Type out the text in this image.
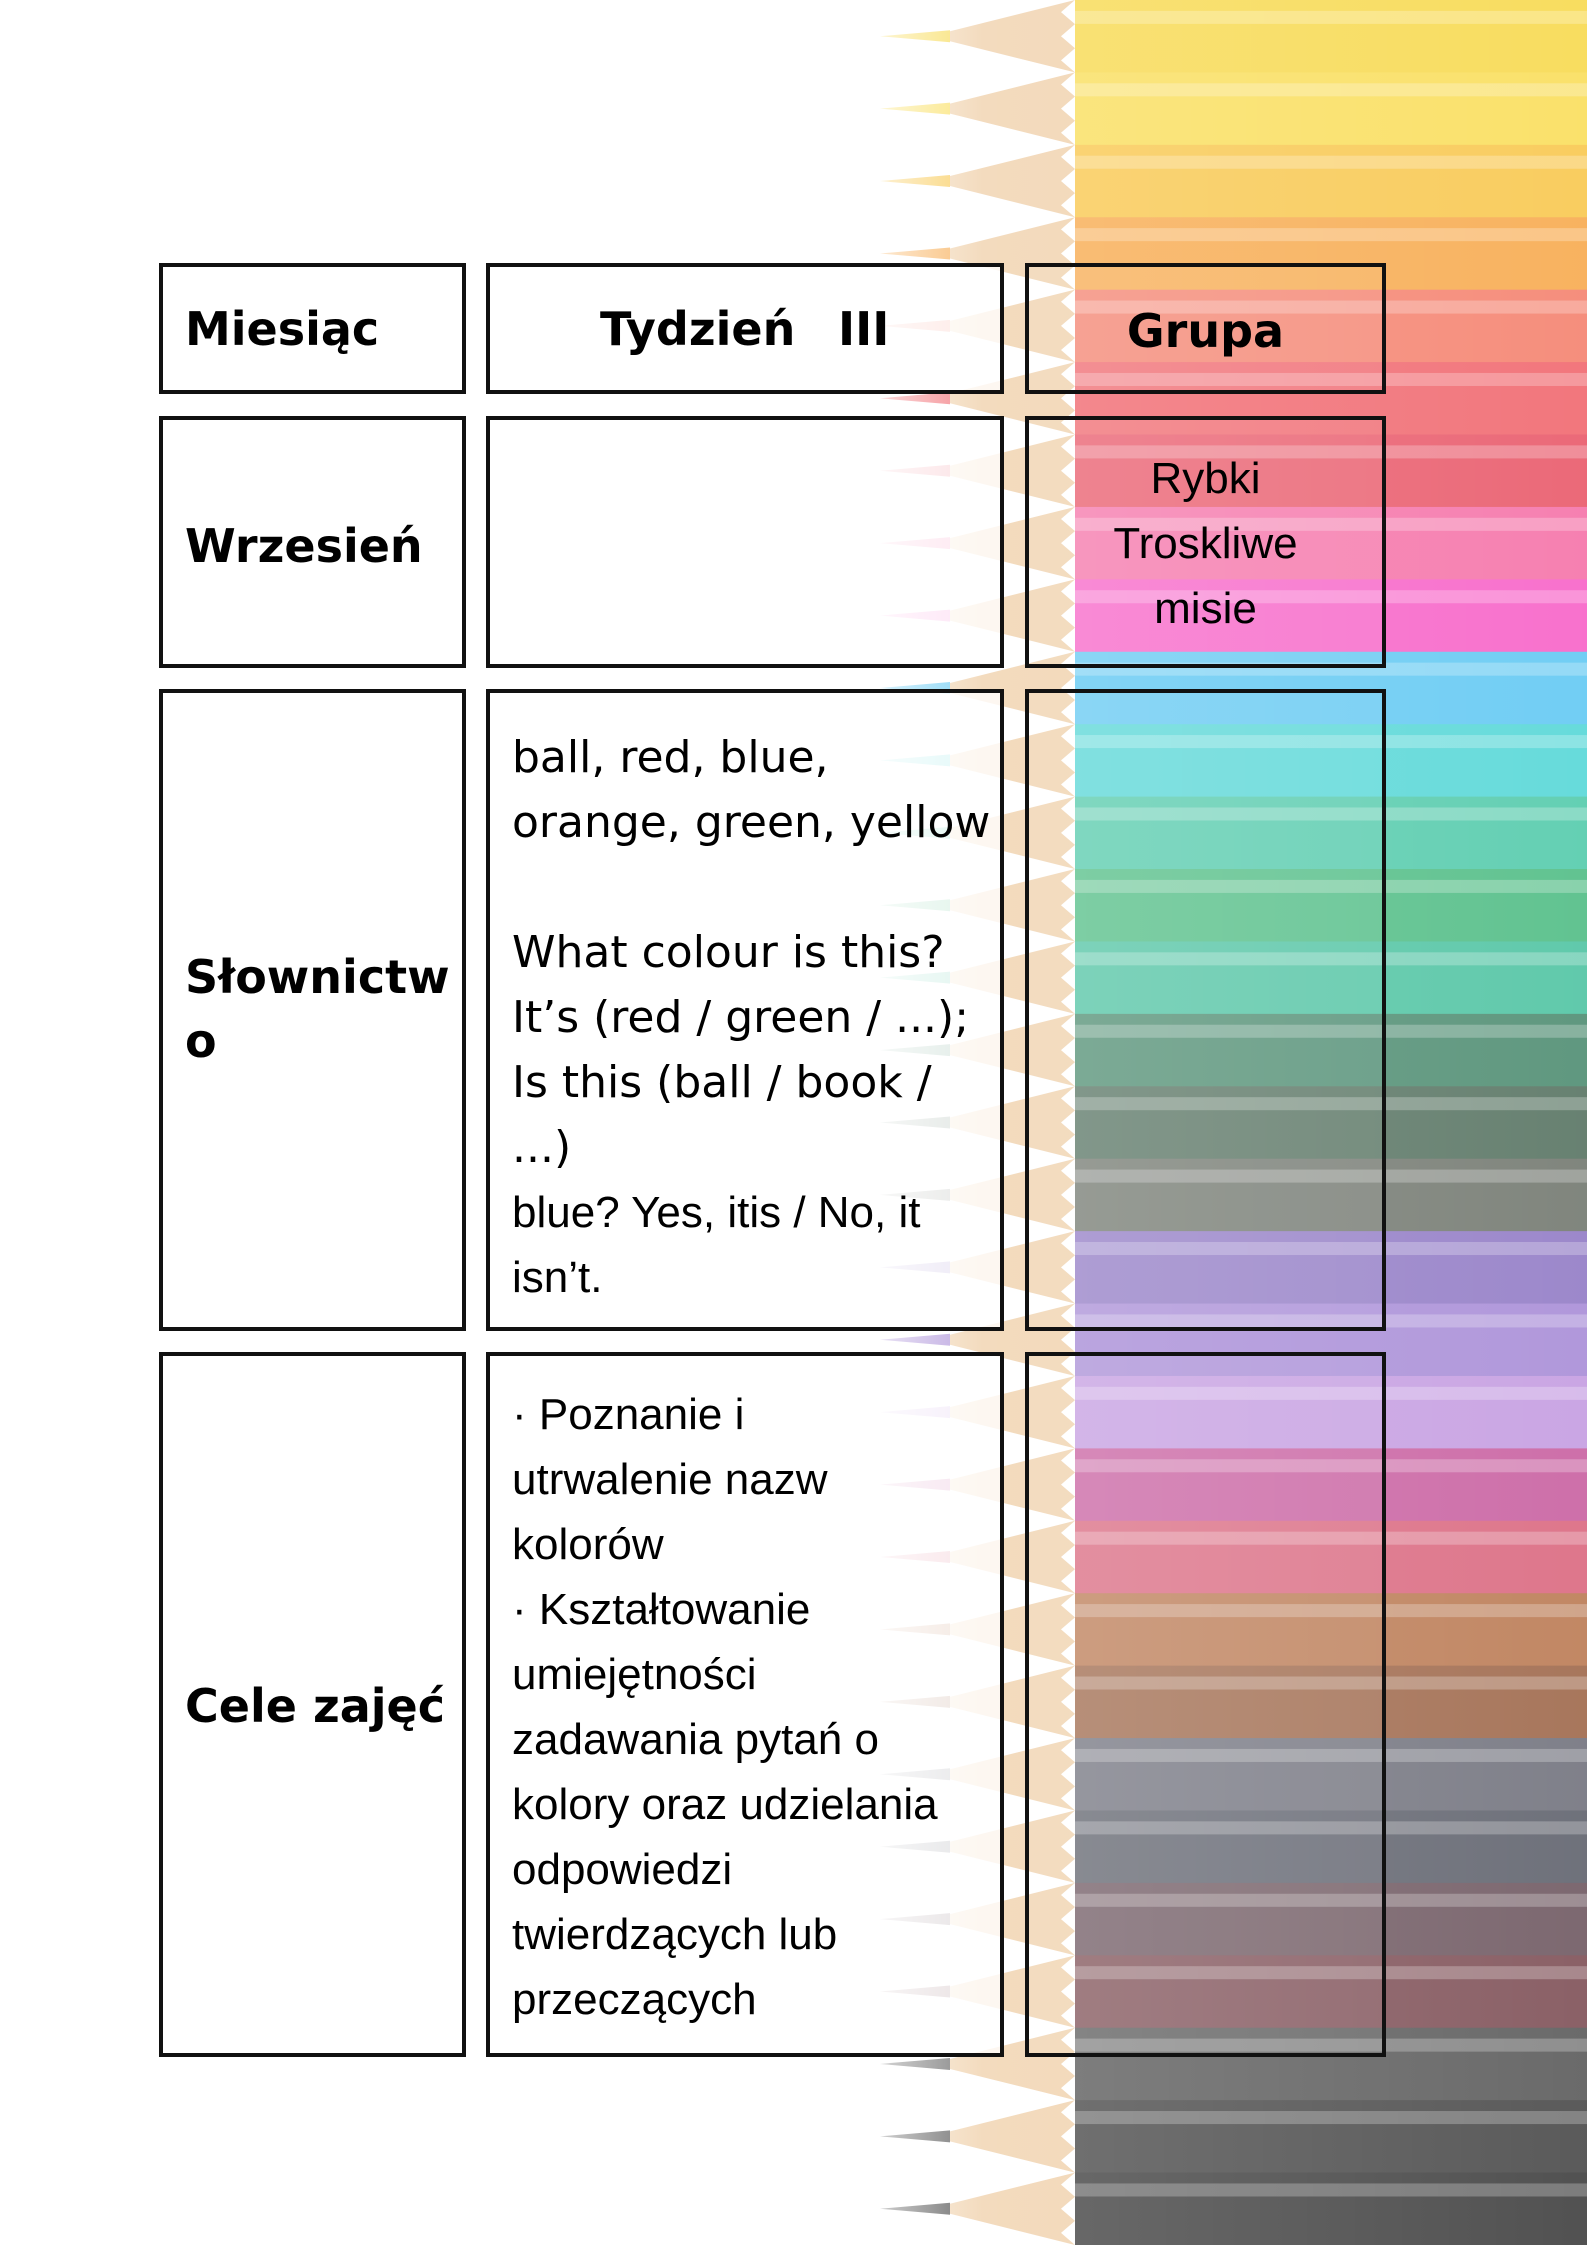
Miesiąc	Tydzień III	Grupa
Wrzesień
Rybki
Troskliwe
misie
Słownictw
o
ball, red, blue,
orange, green, yellow
What colour is this?
It’s (red / green / ...);
Is this (ball / book /
...)
blue? Yes, itis / No, it
isn’t.
Cele zajęć
· Poznanie i
utrwalenie nazw
kolorów
· Kształtowanie
umiejętności
zadawania pytań o
kolory oraz udzielania
odpowiedzi
twierdzących lub
przeczących
